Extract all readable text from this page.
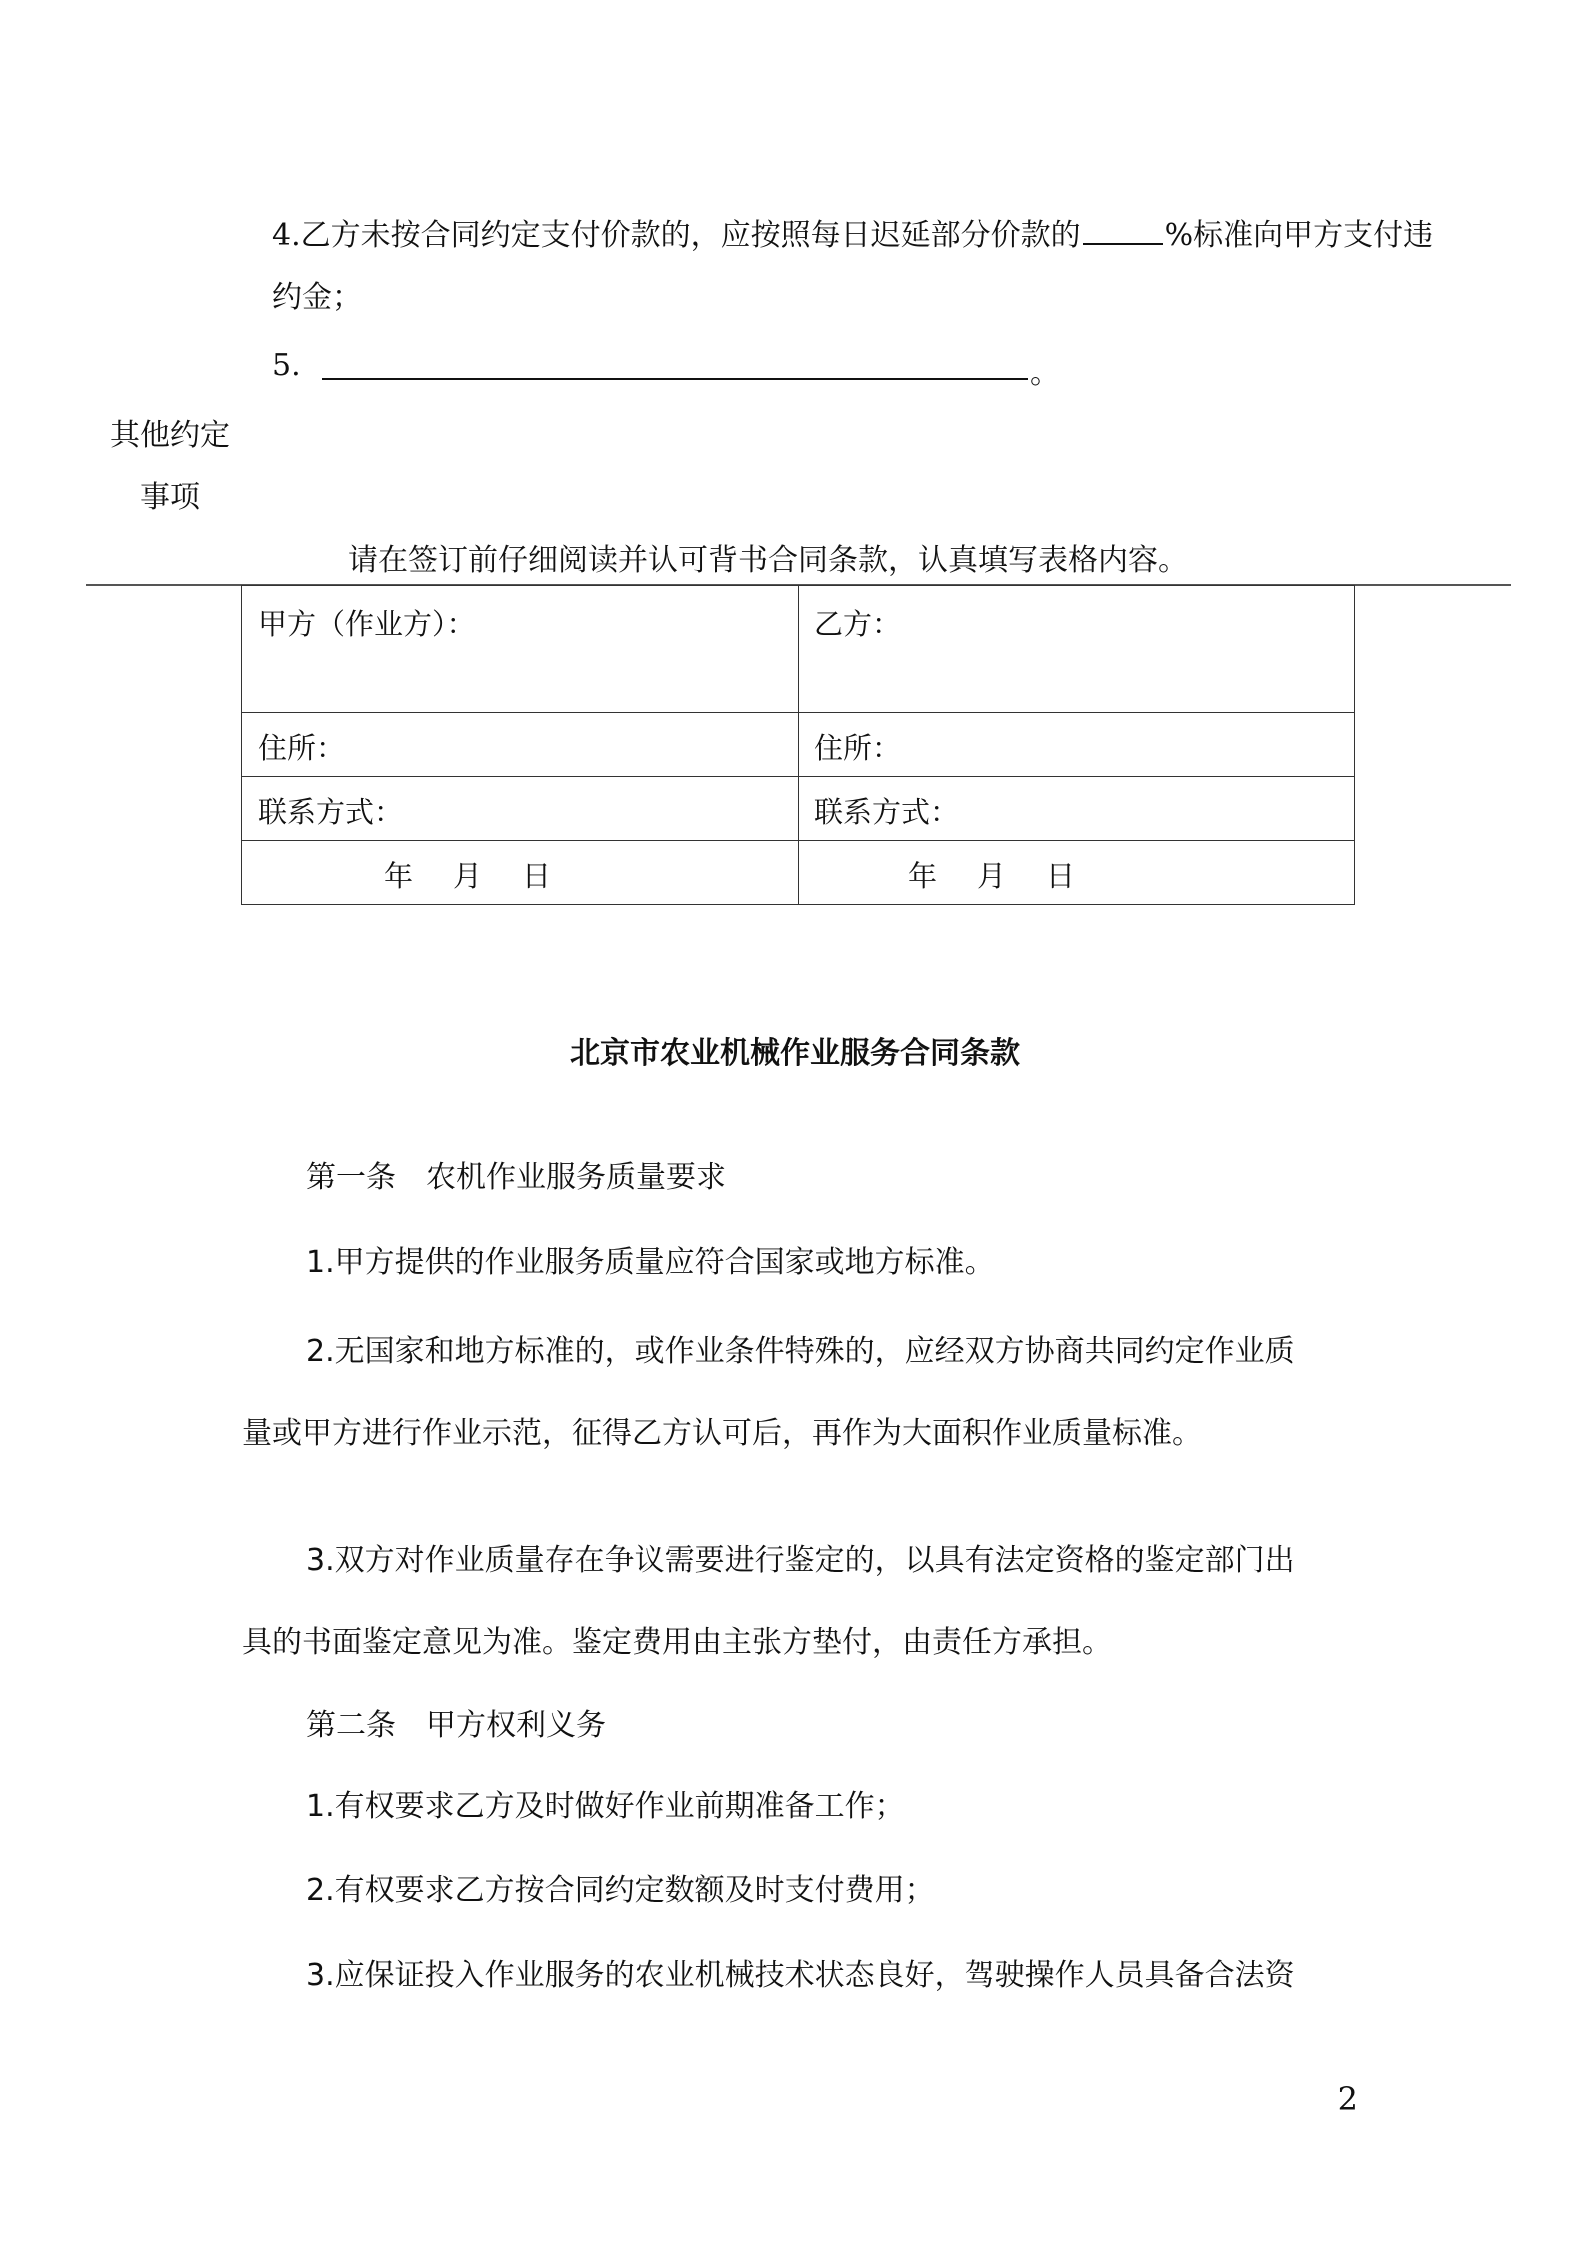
4.乙方未按合同约定支付价款的，应按照每日迟延部分价款的	%标准向甲方支付违
约金；
5.	。
其他约定
事项
请在签订前仔细阅读并认可背书合同条款，认真填写表格内容。
甲方（作业方）：	乙方：
住所：	住所：
联系方式：	联系方式：
年 月 日	年 月 日
北京市农业机械作业服务合同条款
第一条　农机作业服务质量要求
1.甲方提供的作业服务质量应符合国家或地方标准。
2.无国家和地方标准的，或作业条件特殊的，应经双方协商共同约定作业质
量或甲方进行作业示范，征得乙方认可后，再作为大面积作业质量标准。
3.双方对作业质量存在争议需要进行鉴定的，以具有法定资格的鉴定部门出
具的书面鉴定意见为准。鉴定费用由主张方垫付，由责任方承担。
第二条　甲方权利义务
1.有权要求乙方及时做好作业前期准备工作；
2.有权要求乙方按合同约定数额及时支付费用；
3.应保证投入作业服务的农业机械技术状态良好，驾驶操作人员具备合法资
2
